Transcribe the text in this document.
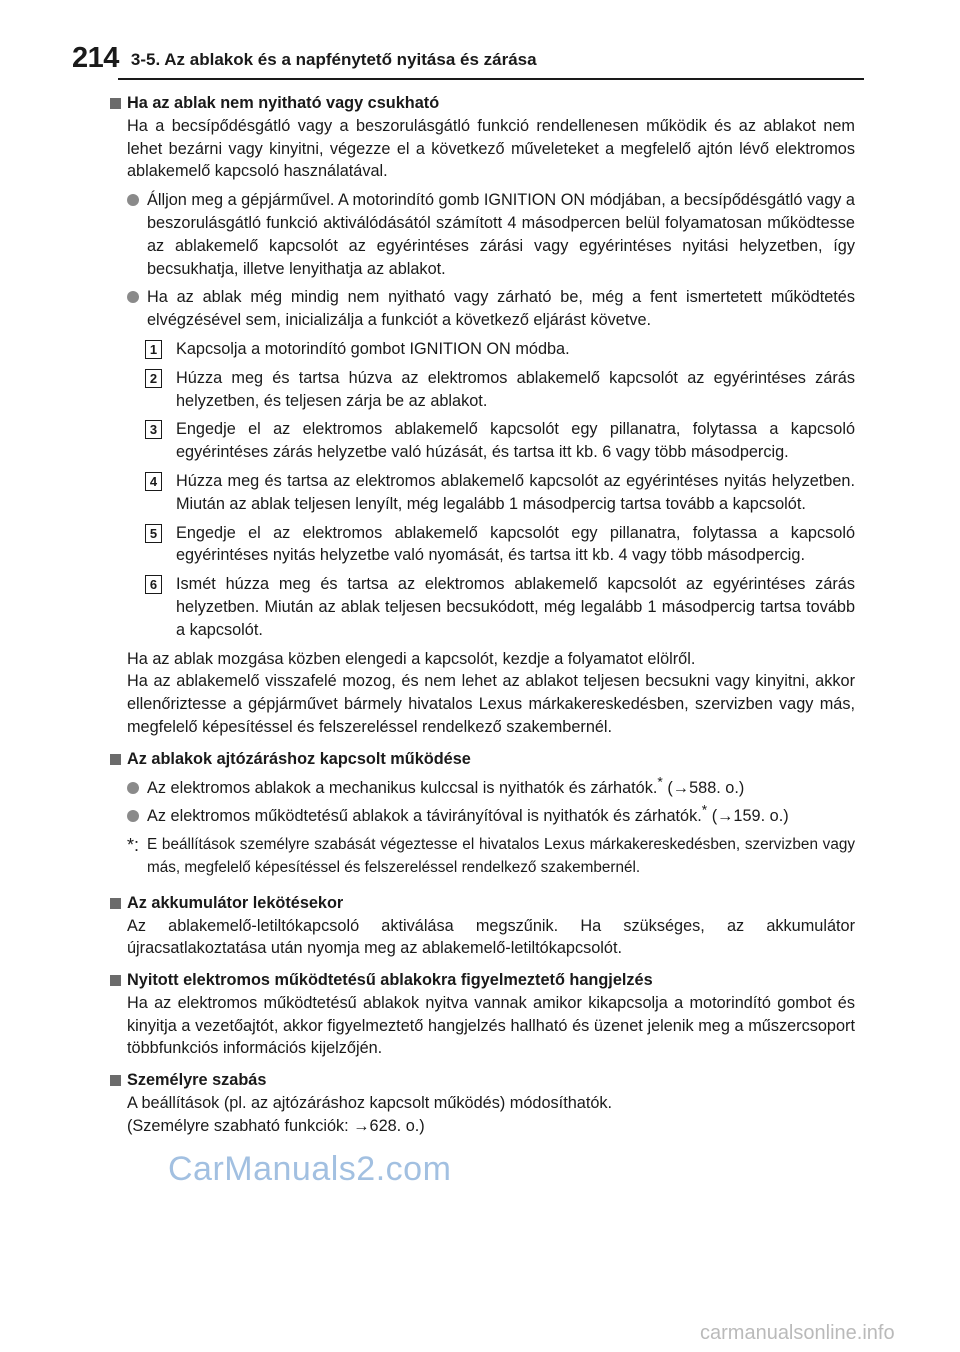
214 3-5. Az ablakok és a napfénytető nyitása és zárása
Ha az ablak nem nyitható vagy csukható
Ha a becsípődésgátló vagy a beszorulásgátló funkció rendellenesen működik és az ablakot nem lehet bezárni vagy kinyitni, végezze el a következő műveleteket a megfelelő ajtón lévő elektromos ablakemelő kapcsoló használatával.
Álljon meg a gépjárművel. A motorindító gomb IGNITION ON módjában, a becsípődésgátló vagy a beszorulásgátló funkció aktiválódásától számított 4 másodpercen belül folyamatosan működtesse az ablakemelő kapcsolót az egyérintéses zárási vagy egyérintéses nyitási helyzetben, így becsukhatja, illetve lenyithatja az ablakot.
Ha az ablak még mindig nem nyitható vagy zárható be, még a fent ismertetett működtetés elvégzésével sem, inicializálja a funkciót a következő eljárást követve.
1	Kapcsolja a motorindító gombot IGNITION ON módba.
2	Húzza meg és tartsa húzva az elektromos ablakemelő kapcsolót az egyérintéses zárás helyzetben, és teljesen zárja be az ablakot.
3	Engedje el az elektromos ablakemelő kapcsolót egy pillanatra, folytassa a kapcsoló egyérintéses zárás helyzetbe való húzását, és tartsa itt kb. 6 vagy több másodpercig.
4	Húzza meg és tartsa az elektromos ablakemelő kapcsolót az egyérintéses nyitás helyzetben. Miután az ablak teljesen lenyílt, még legalább 1 másodpercig tartsa tovább a kapcsolót.
5	Engedje el az elektromos ablakemelő kapcsolót egy pillanatra, folytassa a kapcsoló egyérintéses nyitás helyzetbe való nyomását, és tartsa itt kb. 4 vagy több másodpercig.
6	Ismét húzza meg és tartsa az elektromos ablakemelő kapcsolót az egyérintéses zárás helyzetben. Miután az ablak teljesen becsukódott, még legalább 1 másodpercig tartsa tovább a kapcsolót.
Ha az ablak mozgása közben elengedi a kapcsolót, kezdje a folyamatot elölről.
Ha az ablakemelő visszafelé mozog, és nem lehet az ablakot teljesen becsukni vagy kinyitni, akkor ellenőriztesse a gépjárművet bármely hivatalos Lexus márkakereskedésben, szervizben vagy más, megfelelő képesítéssel és felszereléssel rendelkező szakembernél.
Az ablakok ajtózáráshoz kapcsolt működése
Az elektromos ablakok a mechanikus kulccsal is nyithatók és zárhatók.* (→588. o.)
Az elektromos működtetésű ablakok a távirányítóval is nyithatók és zárhatók.* (→159. o.)
*: E beállítások személyre szabását végeztesse el hivatalos Lexus márkakereskedésben, szervizben vagy más, megfelelő képesítéssel és felszereléssel rendelkező szakembernél.
Az akkumulátor lekötésekor
Az ablakemelő-letiltókapcsoló aktiválása megszűnik. Ha szükséges, az akkumulátor újracsatlakoztatása után nyomja meg az ablakemelő-letiltókapcsolót.
Nyitott elektromos működtetésű ablakokra figyelmeztető hangjelzés
Ha az elektromos működtetésű ablakok nyitva vannak amikor kikapcsolja a motorindító gombot és kinyitja a vezetőajtót, akkor figyelmeztető hangjelzés hallható és üzenet jelenik meg a műszercsoport többfunkciós információs kijelzőjén.
Személyre szabás
A beállítások (pl. az ajtózáráshoz kapcsolt működés) módosíthatók.
(Személyre szabható funkciók: →628. o.)
CarManuals2.com
carmanualsonline.info
